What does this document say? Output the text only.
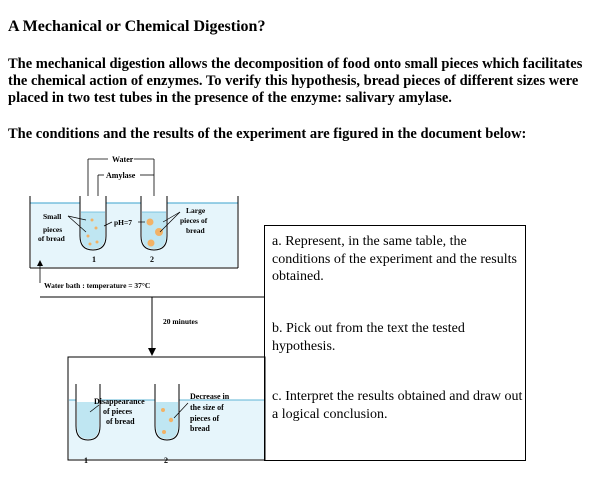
A Mechanical or Chemical Digestion?
The mechanical digestion allows the decomposition of food onto small pieces which facilitates the chemical action of enzymes. To verify this hypothesis, bread pieces of different sizes were placed in two test tubes in the presence of the enzyme: salivary amylase.
The conditions and the results of the experiment are figured in the document below:
Water
Amylase
1	2
Small
pieces
of bread
pH=7
Large
pieces of
bread
Water bath : temperature = 37°C
20 minutes
1	2
Disappearance
of pieces
of bread
Decrease in
the size of
pieces of
bread
a. Represent, in the same table, the conditions of the experiment and the results obtained.
b. Pick out from the text the tested hypothesis.
c. Interpret the results obtained and draw out a logical conclusion.
